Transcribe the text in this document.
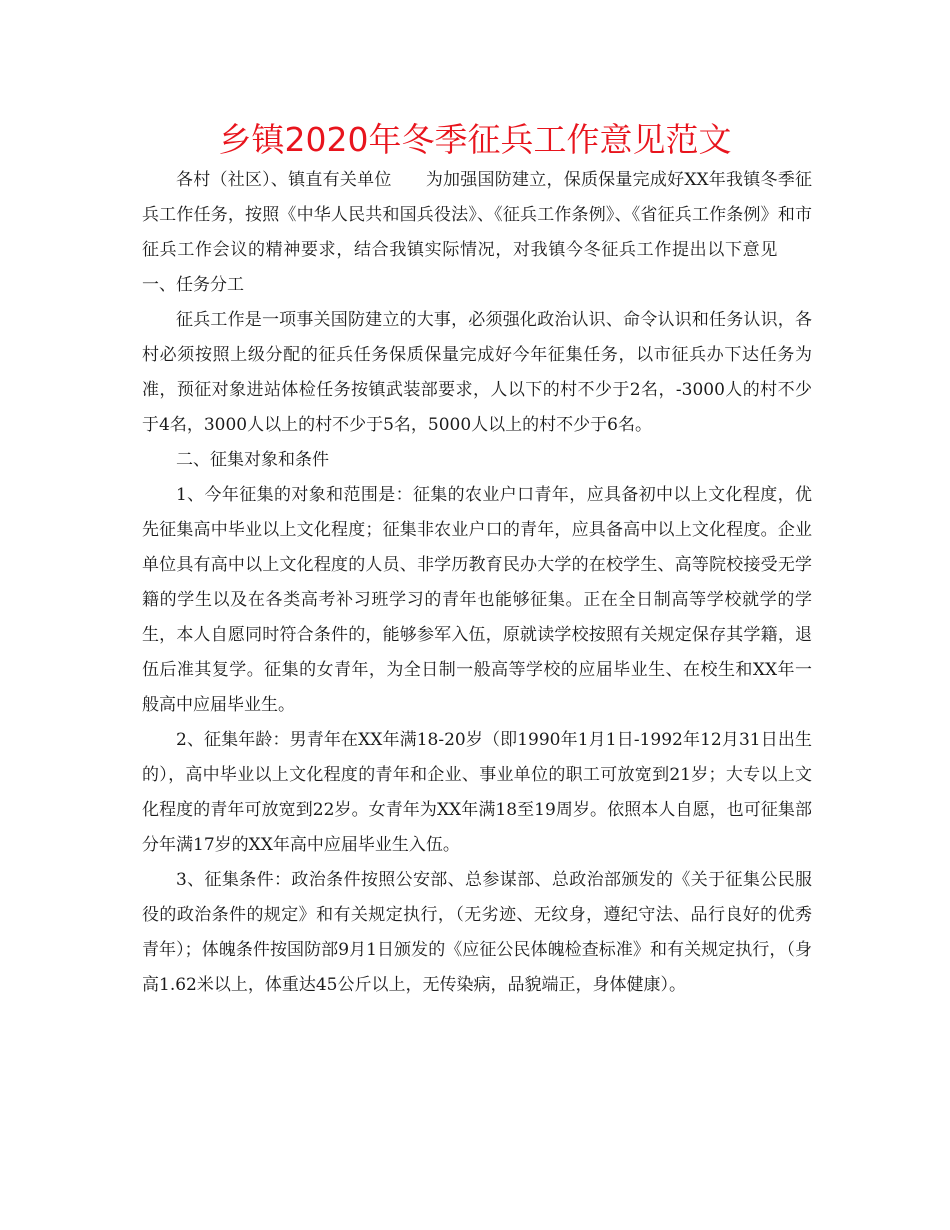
乡镇2020年冬季征兵工作意见范文

各村（社区）、镇直有关单位 为加强国防建立，保质保量完成好XX年我镇冬季征兵工作任务，按照《中华人民共和国兵役法》、《征兵工作条例》、《省征兵工作条例》和市征兵工作会议的精神要求，结合我镇实际情况，对我镇今冬征兵工作提出以下意见一、任务分工

征兵工作是一项事关国防建立的大事，必须强化政治认识、命令认识和任务认识，各村必须按照上级分配的征兵任务保质保量完成好今年征集任务，以市征兵办下达任务为准，预征对象进站体检任务按镇武装部要求，人以下的村不少于2名，-3000人的村不少于4名，3000人以上的村不少于5名，5000人以上的村不少于6名。

二、征集对象和条件

1、今年征集的对象和范围是：征集的农业户口青年，应具备初中以上文化程度，优先征集高中毕业以上文化程度；征集非农业户口的青年，应具备高中以上文化程度。企业单位具有高中以上文化程度的人员、非学历教育民办大学的在校学生、高等院校接受无学籍的学生以及在各类高考补习班学习的青年也能够征集。正在全日制高等学校就学的学生，本人自愿同时符合条件的，能够参军入伍，原就读学校按照有关规定保存其学籍，退伍后准其复学。征集的女青年，为全日制一般高等学校的应届毕业生、在校生和XX年一般高中应届毕业生。

2、征集年龄：男青年在XX年满18-20岁（即1990年1月1日-1992年12月31日出生的），高中毕业以上文化程度的青年和企业、事业单位的职工可放宽到21岁；大专以上文化程度的青年可放宽到22岁。女青年为XX年满18至19周岁。依照本人自愿，也可征集部分年满17岁的XX年高中应届毕业生入伍。

3、征集条件：政治条件按照公安部、总参谋部、总政治部颁发的《关于征集公民服役的政治条件的规定》和有关规定执行，（无劣迹、无纹身，遵纪守法、品行良好的优秀青年）；体魄条件按国防部9月1日颁发的《应征公民体魄检查标准》和有关规定执行，（身高1.62米以上，体重达45公斤以上，无传染病，品貌端正，身体健康）。
